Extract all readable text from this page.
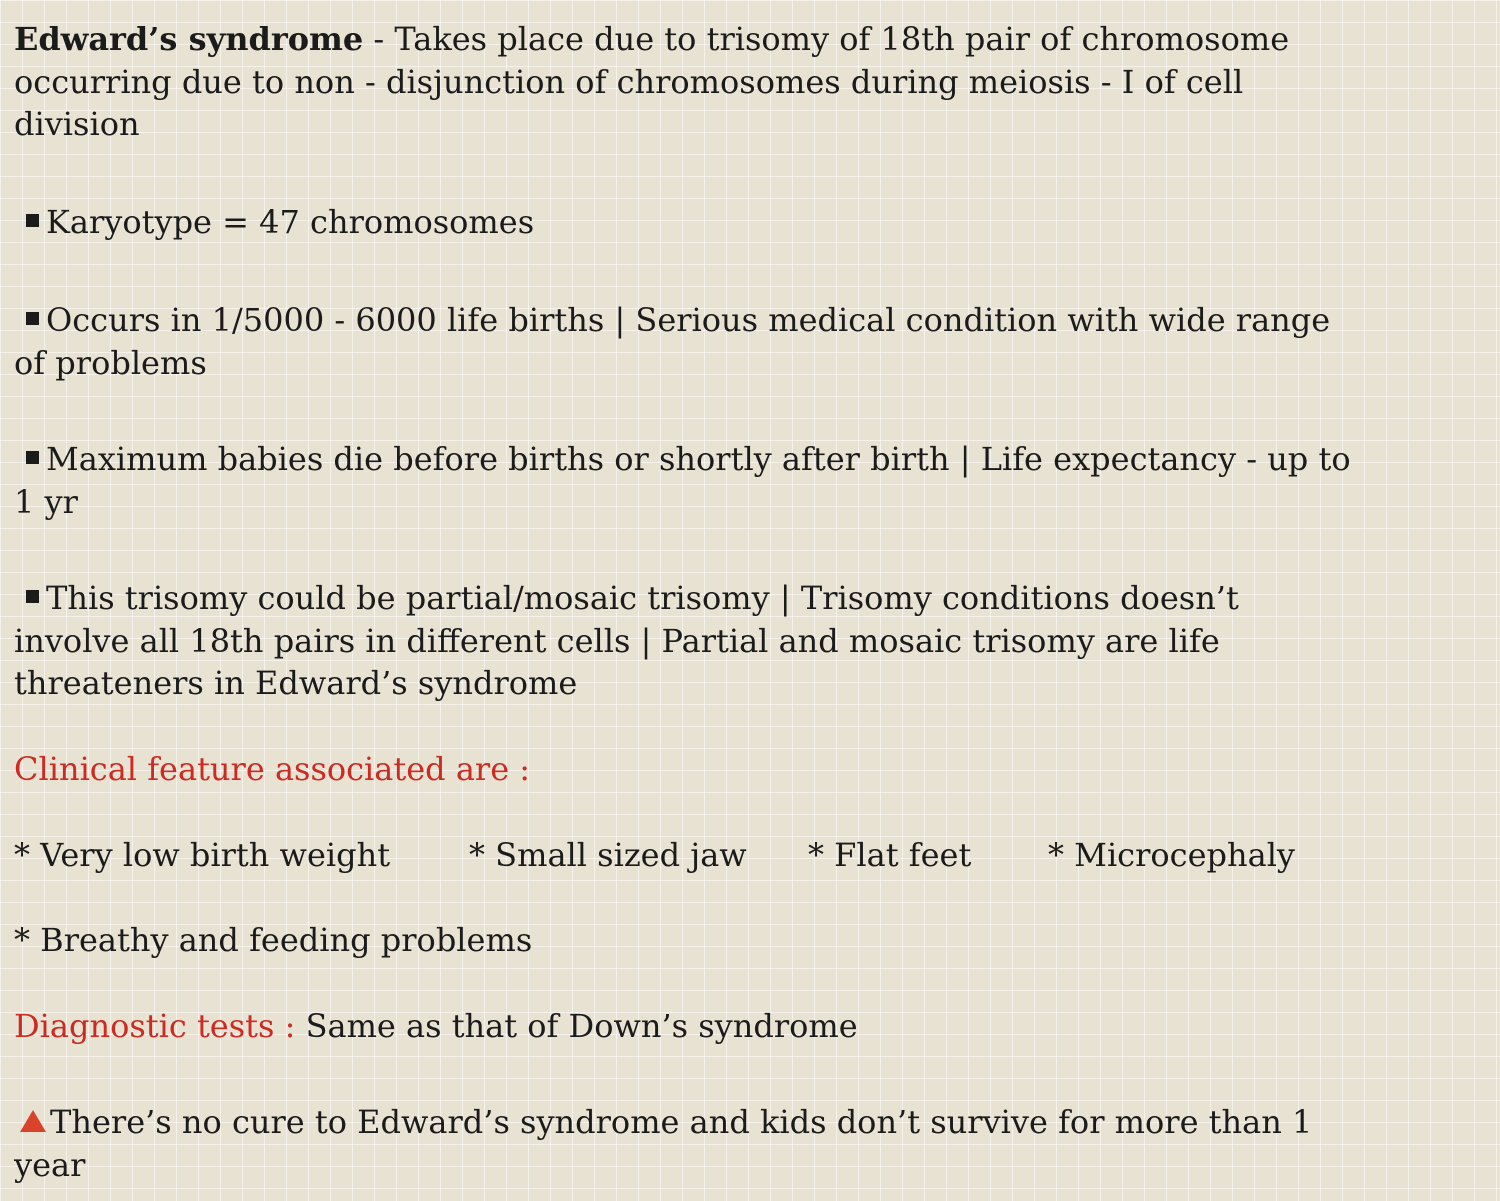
Edward’s syndrome - Takes place due to trisomy of 18th pair of chromosome

occurring due to non - disjunction of chromosomes during meiosis - I of cell

division

Karyotype = 47 chromosomes

Occurs in 1/5000 - 6000 life births | Serious medical condition with wide range

of problems

Maximum babies die before births or shortly after birth | Life expectancy - up to

1 yr

This trisomy could be partial/mosaic trisomy | Trisomy conditions doesn’t

involve all 18th pairs in different cells | Partial and mosaic trisomy are life

threateners in Edward’s syndrome

Clinical feature associated are :

* Very low birth weight * Small sized jaw * Flat feet * Microcephaly

* Breathy and feeding problems

Diagnostic tests : Same as that of Down’s syndrome

There’s no cure to Edward’s syndrome and kids don’t survive for more than 1

year
